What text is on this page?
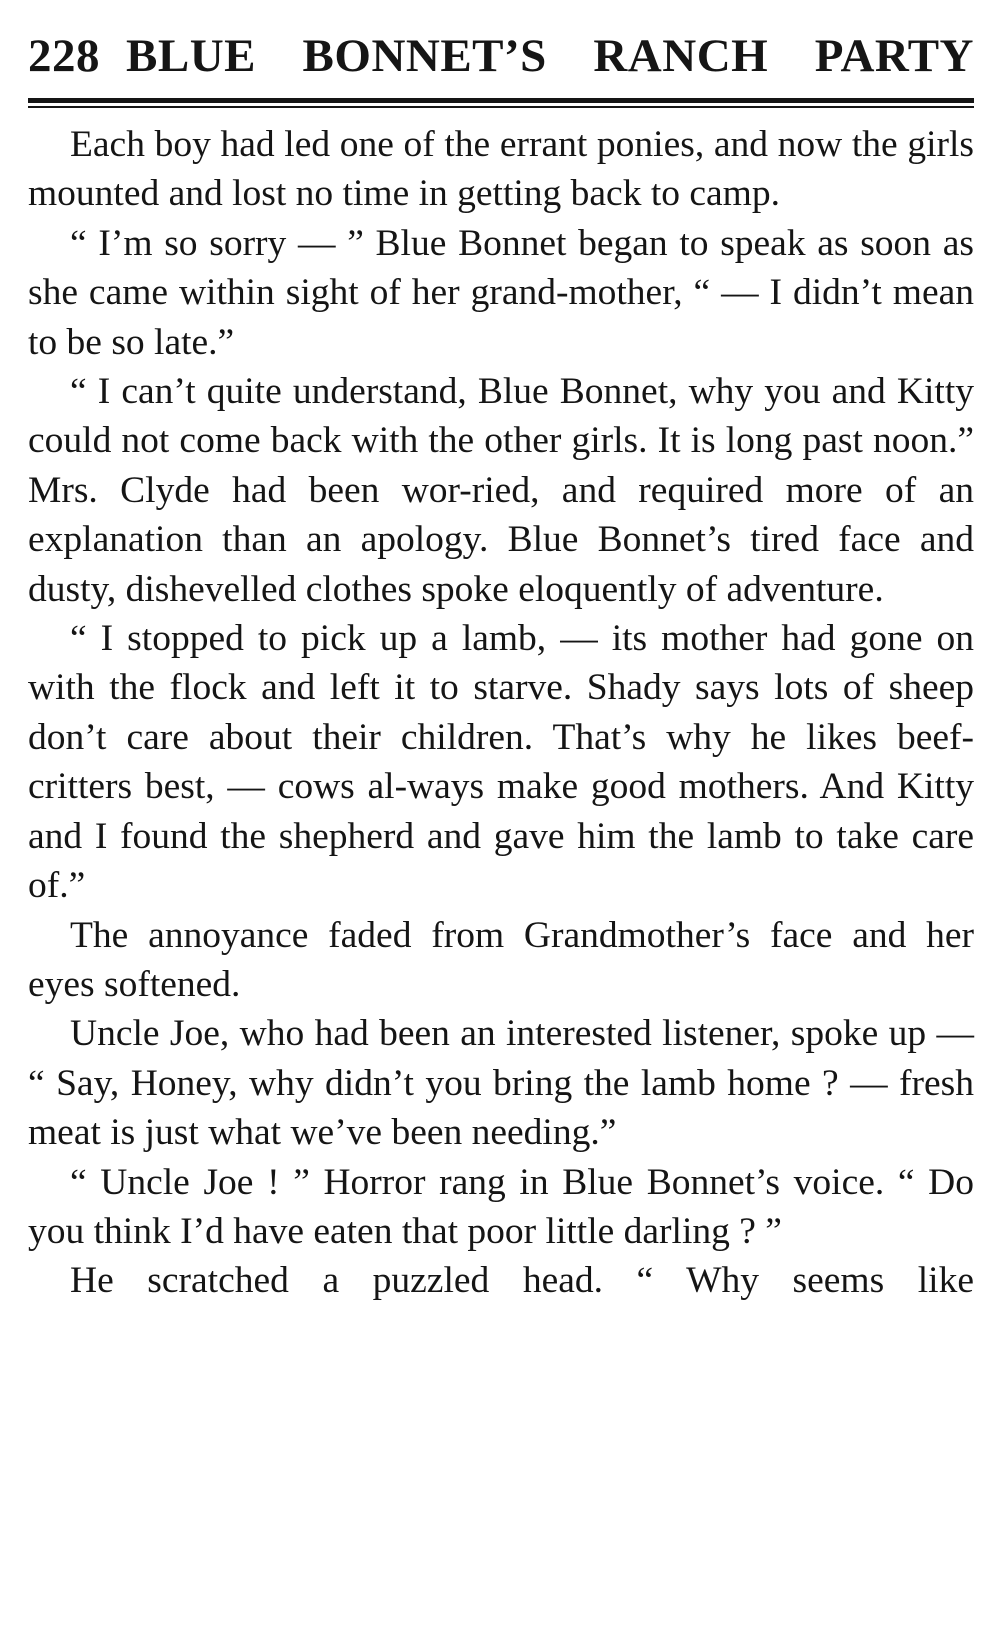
228 BLUE BONNET’S RANCH PARTY

Each boy had led one of the errant ponies, and now the girls mounted and lost no time in getting back to camp.

“ I’m so sorry — ” Blue Bonnet began to speak as soon as she came within sight of her grand-mother, “ — I didn’t mean to be so late.”

“ I can’t quite understand, Blue Bonnet, why you and Kitty could not come back with the other girls. It is long past noon.” Mrs. Clyde had been wor-ried, and required more of an explanation than an apology. Blue Bonnet’s tired face and dusty, dishevelled clothes spoke eloquently of adventure.

“ I stopped to pick up a lamb, — its mother had gone on with the flock and left it to starve. Shady says lots of sheep don’t care about their children. That’s why he likes beef-critters best, — cows al-ways make good mothers. And Kitty and I found the shepherd and gave him the lamb to take care of.”

The annoyance faded from Grandmother’s face and her eyes softened.

Uncle Joe, who had been an interested listener, spoke up — “ Say, Honey, why didn’t you bring the lamb home ? — fresh meat is just what we’ve been needing.”

“ Uncle Joe ! ” Horror rang in Blue Bonnet’s voice. “ Do you think I’d have eaten that poor little darling ? ”

He scratched a puzzled head. “ Why seems like
